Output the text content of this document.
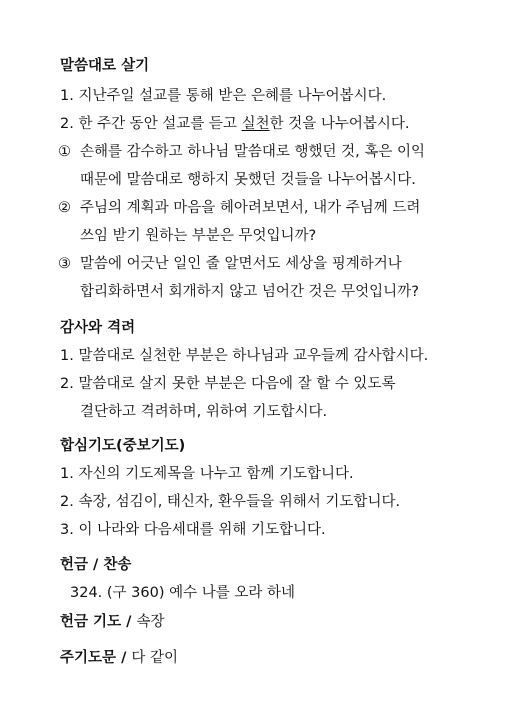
말씀대로 살기
1. 지난주일 설교를 통해 받은 은혜를 나누어봅시다.
2. 한 주간 동안 설교를 듣고 실천한 것을 나누어봅시다.
① 손해를 감수하고 하나님 말씀대로 행했던 것, 혹은 이익
때문에 말씀대로 행하지 못했던 것들을 나누어봅시다.
② 주님의 계획과 마음을 헤아려보면서, 내가 주님께 드려
쓰임 받기 원하는 부분은 무엇입니까?
③ 말씀에 어긋난 일인 줄 알면서도 세상을 핑계하거나
합리화하면서 회개하지 않고 넘어간 것은 무엇입니까?
감사와 격려
1. 말씀대로 실천한 부분은 하나님과 교우들께 감사합시다.
2. 말씀대로 살지 못한 부분은 다음에 잘 할 수 있도록
결단하고 격려하며, 위하여 기도합시다.
합심기도(중보기도)
1. 자신의 기도제목을 나누고 함께 기도합니다.
2. 속장, 섬김이, 태신자, 환우들을 위해서 기도합니다.
3. 이 나라와 다음세대를 위해 기도합니다.
헌금 / 찬송
324. (구 360) 예수 나를 오라 하네
헌금 기도 / 속장
주기도문 / 다 같이
